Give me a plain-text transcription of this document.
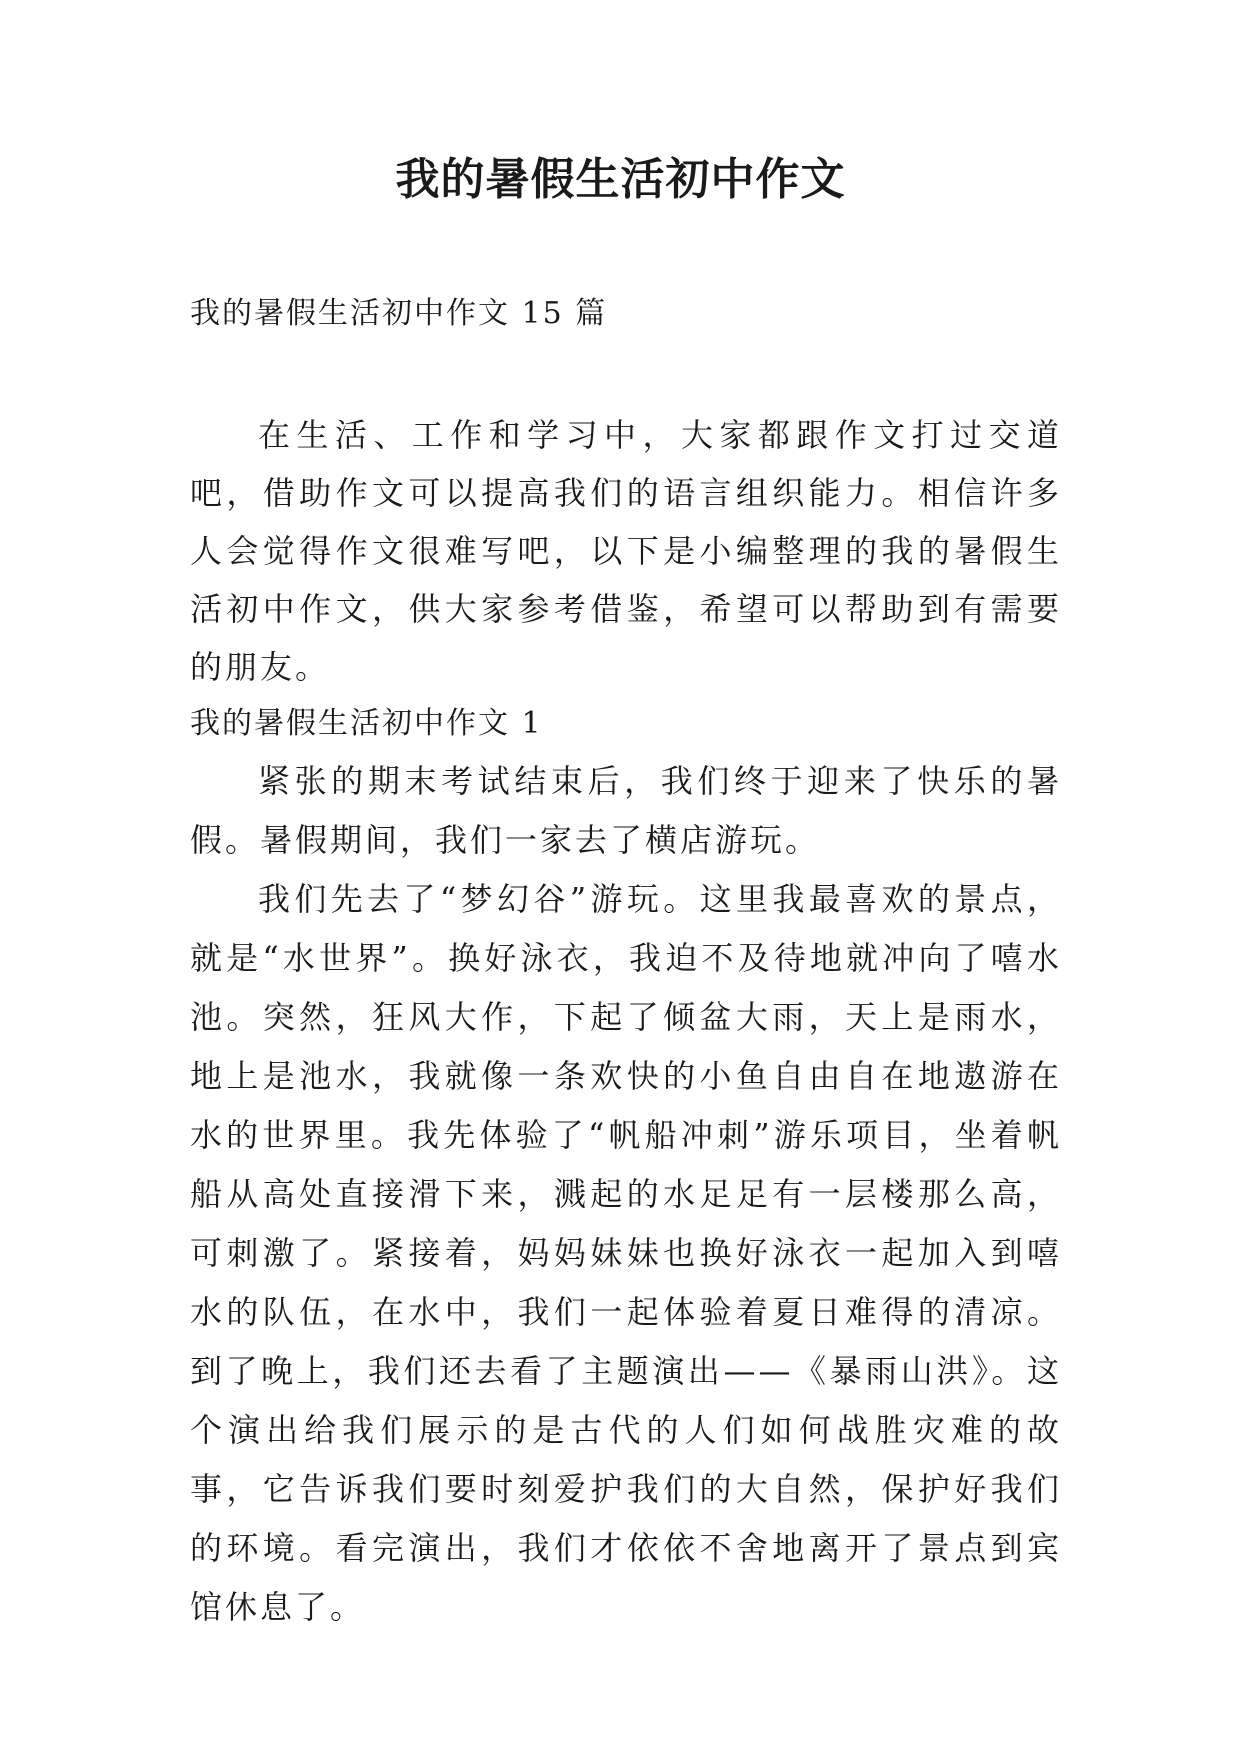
我的暑假生活初中作文
我的暑假生活初中作文 15 篇

在生活、工作和学习中，大家都跟作文打过交道吧，借助作文可以提高我们的语言组织能力。相信许多人会觉得作文很难写吧，以下是小编整理的我的暑假生活初中作文，供大家参考借鉴，希望可以帮助到有需要的朋友。

我的暑假生活初中作文 1

紧张的期末考试结束后，我们终于迎来了快乐的暑假。暑假期间，我们一家去了横店游玩。

我们先去了“梦幻谷”游玩。这里我最喜欢的景点，就是“水世界”。换好泳衣，我迫不及待地就冲向了嘻水池。突然，狂风大作，下起了倾盆大雨，天上是雨水，地上是池水，我就像一条欢快的小鱼自由自在地遨游在水的世界里。我先体验了“帆船冲刺”游乐项目，坐着帆船从高处直接滑下来，溅起的水足足有一层楼那么高，可刺激了。紧接着，妈妈妹妹也换好泳衣一起加入到嘻水的队伍，在水中，我们一起体验着夏日难得的清凉。到了晚上，我们还去看了主题演出——《暴雨山洪》。这个演出给我们展示的是古代的人们如何战胜灾难的故事，它告诉我们要时刻爱护我们的大自然，保护好我们的环境。看完演出，我们才依依不舍地离开了景点到宾馆休息了。
